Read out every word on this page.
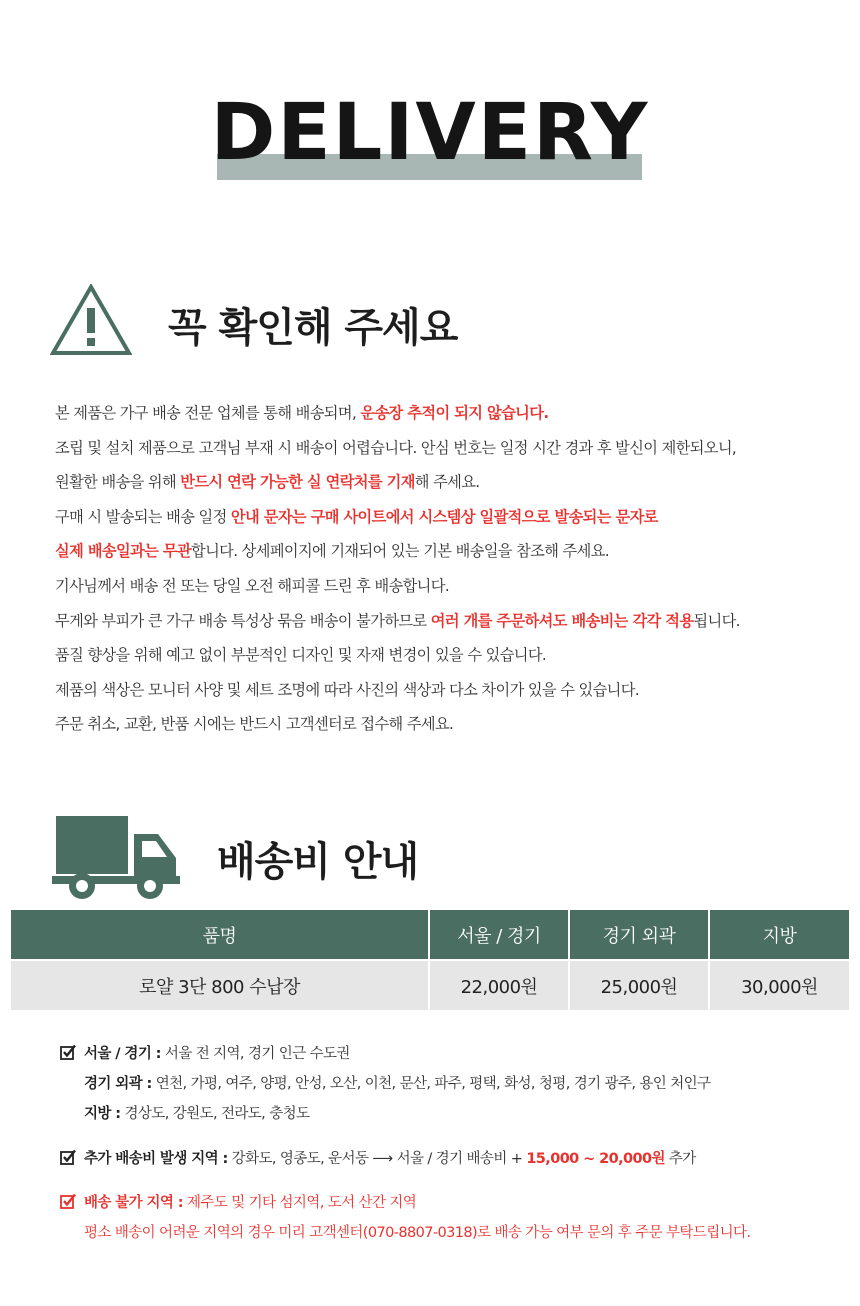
DELIVERY
꼭 확인해 주세요
본 제품은 가구 배송 전문 업체를 통해 배송되며, 운송장 추적이 되지 않습니다.
조립 및 설치 제품으로 고객님 부재 시 배송이 어렵습니다. 안심 번호는 일정 시간 경과 후 발신이 제한되오니,
원활한 배송을 위해 반드시 연락 가능한 실 연락처를 기재해 주세요.
구매 시 발송되는 배송 일정 안내 문자는 구매 사이트에서 시스템상 일괄적으로 발송되는 문자로
실제 배송일과는 무관합니다. 상세페이지에 기재되어 있는 기본 배송일을 참조해 주세요.
기사님께서 배송 전 또는 당일 오전 해피콜 드린 후 배송합니다.
무게와 부피가 큰 가구 배송 특성상 묶음 배송이 불가하므로 여러 개를 주문하셔도 배송비는 각각 적용됩니다.
품질 향상을 위해 예고 없이 부분적인 디자인 및 자재 변경이 있을 수 있습니다.
제품의 색상은 모니터 사양 및 세트 조명에 따라 사진의 색상과 다소 차이가 있을 수 있습니다.
주문 취소, 교환, 반품 시에는 반드시 고객센터로 접수해 주세요.
배송비 안내
품명	서울 / 경기	경기 외곽	지방
로얄 3단 800 수납장	22,000원	25,000원	30,000원
서울 / 경기 : 서울 전 지역, 경기 인근 수도권
경기 외곽 : 연천, 가평, 여주, 양평, 안성, 오산, 이천, 문산, 파주, 평택, 화성, 청평, 경기 광주, 용인 처인구
지방 : 경상도, 강원도, 전라도, 충청도
추가 배송비 발생 지역 : 강화도, 영종도, 운서동 ⟶ 서울 / 경기 배송비 + 15,000 ~ 20,000원 추가
배송 불가 지역 : 제주도 및 기타 섬지역, 도서 산간 지역
평소 배송이 어려운 지역의 경우 미리 고객센터(070-8807-0318)로 배송 가능 여부 문의 후 주문 부탁드립니다.
